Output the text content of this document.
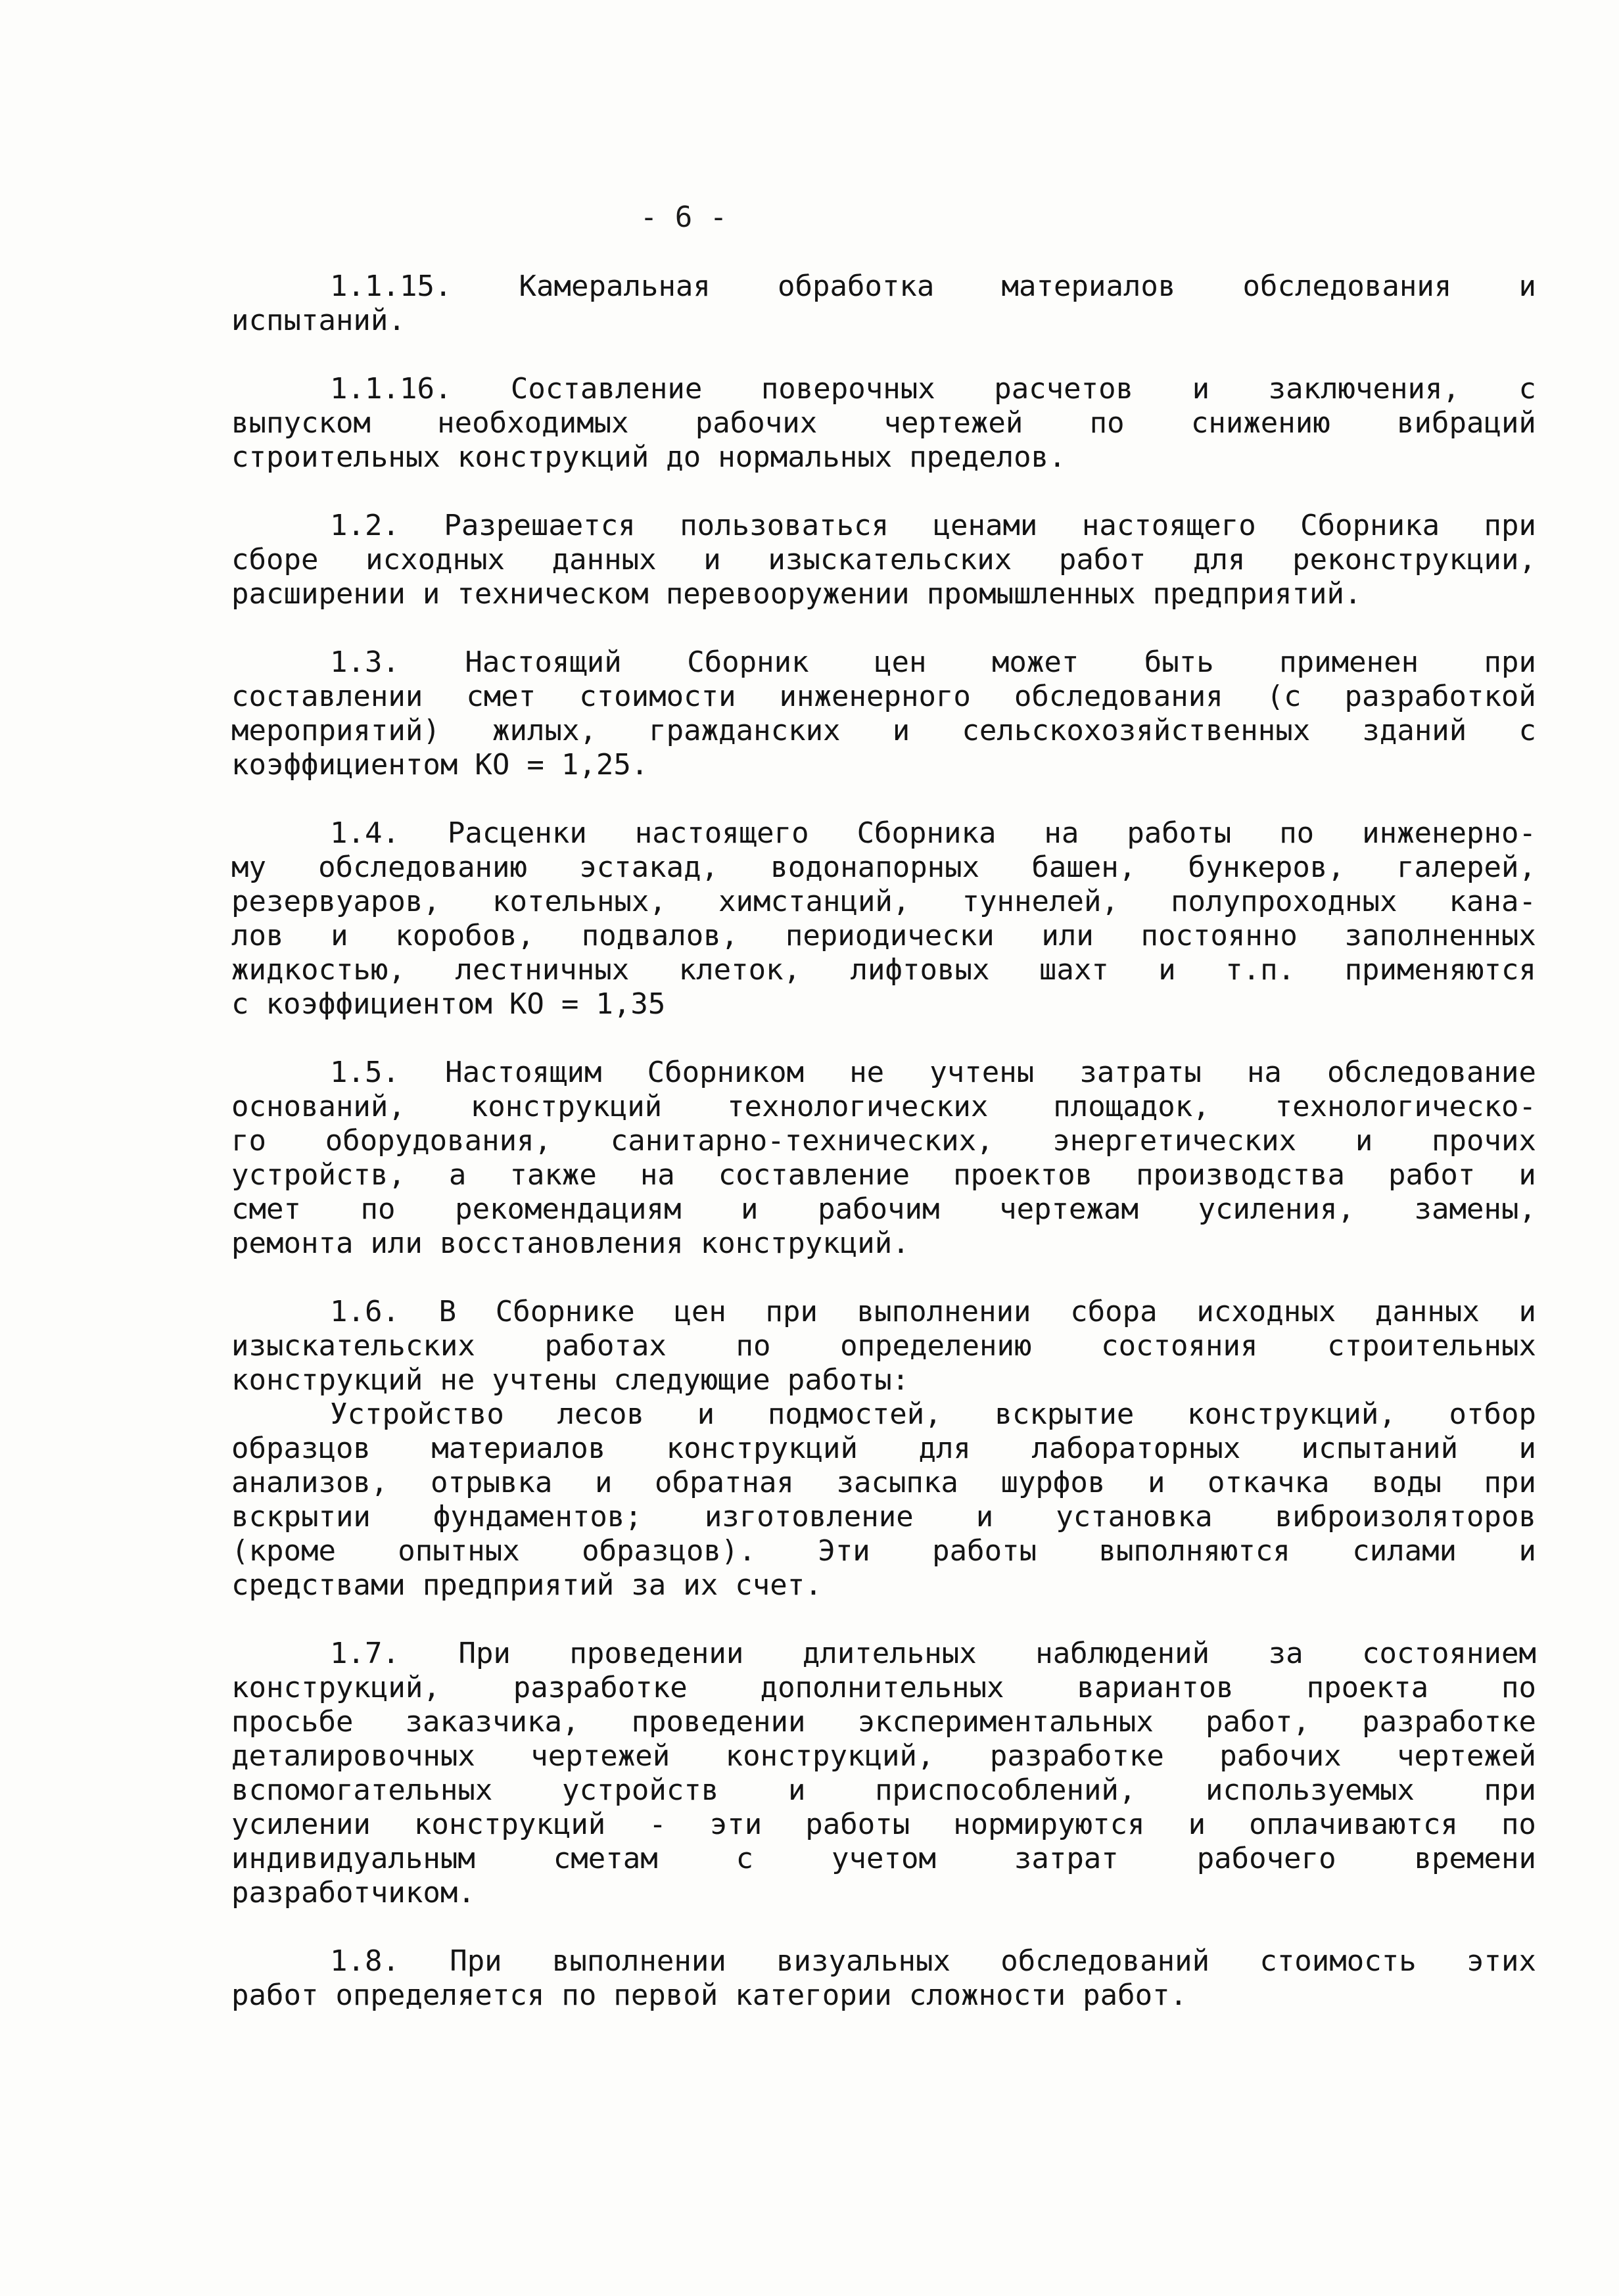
- 6 -
1.1.15. Камеральная обработка материалов обследования и
испытаний.
1.1.16. Составление поверочных расчетов и заключения, с
выпуском необходимых рабочих чертежей по снижению вибраций
строительных конструкций до нормальных пределов.
1.2. Разрешается пользоваться ценами настоящего Сборника при
сборе исходных данных и изыскательских работ для реконструкции,
расширении и техническом перевооружении промышленных предприятий.
1.3. Настоящий Сборник цен может быть применен при
составлении смет стоимости инженерного обследования (с разработкой
мероприятий) жилых, гражданских и сельскохозяйственных зданий с
коэффициентом КО = 1,25.
1.4. Расценки настоящего Сборника на работы по инженерно-
му обследованию эстакад, водонапорных башен, бункеров, галерей,
резервуаров, котельных, химстанций, туннелей, полупроходных кана-
лов и коробов, подвалов, периодически или постоянно заполненных
жидкостью, лестничных клеток, лифтовых шахт и т.п. применяются
с коэффициентом КО = 1,35
1.5. Настоящим Сборником не учтены затраты на обследование
оснований, конструкций технологических площадок, технологическо-
го оборудования, санитарно-технических, энергетических и прочих
устройств, а также на составление проектов производства работ и
смет по рекомендациям и рабочим чертежам усиления, замены,
ремонта или восстановления конструкций.
1.6. В Сборнике цен при выполнении сбора исходных данных и
изыскательских работах по определению состояния строительных
конструкций не учтены следующие работы:
Устройство лесов и подмостей, вскрытие конструкций, отбор
образцов материалов конструкций для лабораторных испытаний и
анализов, отрывка и обратная засыпка шурфов и откачка воды при
вскрытии фундаментов; изготовление и установка виброизоляторов
(кроме опытных образцов). Эти работы выполняются силами и
средствами предприятий за их счет.
1.7. При проведении длительных наблюдений за состоянием
конструкций,	разработке	дополнительных	вариантов	проекта	по
просьбе заказчика, проведении экспериментальных работ, разработке
деталировочных чертежей конструкций, разработке рабочих чертежей
вспомогательных устройств и приспособлений, используемых при
усилении конструкций - эти работы нормируются и оплачиваются по
индивидуальным	сметам	с	учетом	затрат	рабочего	времени
разработчиком.
1.8. При выполнении визуальных обследований стоимость этих
работ определяется по первой категории сложности работ.
